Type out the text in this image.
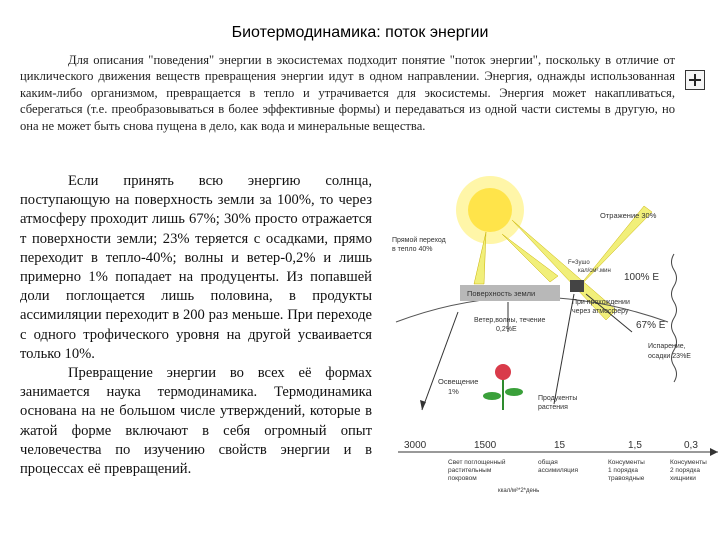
Биотермодинамика: поток энергии
Для описания "поведения" энергии в экосистемах подходит понятие "поток энергии", поскольку в отличие от циклического движения веществ превращения энергии идут в одном направлении. Энергия, однажды использованная каким-либо организмом, превращается в тепло и утрачивается для экосистемы. Энергия может накапливаться, сберегаться (т.е. преобразовываться в более эффективные формы) и передаваться из одной части системы в другую, но она не может быть снова пущена в дело, как вода и минеральные вещества.

Если принять всю энергию солнца, поступающую на поверхность земли за 100%, то через атмосферу проходит лишь 67%; 30% просто отражается т поверхности земли; 23% теряется с осадками, прямо переходит в тепло-40%; волны и ветер-0,2% и лишь примерно 1% попадает на продуценты. Из попавшей доли поглощается лишь половина, в продукты ассимиляции переходит в 200 раз меньше. При переходе с одного трофического уровня на другой усваивается только 10%.

Превращение энергии во всех её формах занимается наука термодинамика. Термодинамика основана на не большом числе утверждений, которые в жатой форме включают в себя огромный опыт человечества по изучению свойств энергии и в процессах её превращений.

Отражение 30%
Прямой переход в тепло 40%
F=3ушо кал/см².мин
100% E
Поверхность земли
При прохождении через атмосферу
Ветер,волны, течение 0,2%E	67% E
Испарение, осадки 23%E
Освещение 1%
Продукенты растения
3000	1500	15	1,5	0,3
Свет поглощенный растительным покровом
общая ассимиляция
Консументы 1 порядка травоядные
Консументы 2 порядка хищники
ккал/м²*2*день
